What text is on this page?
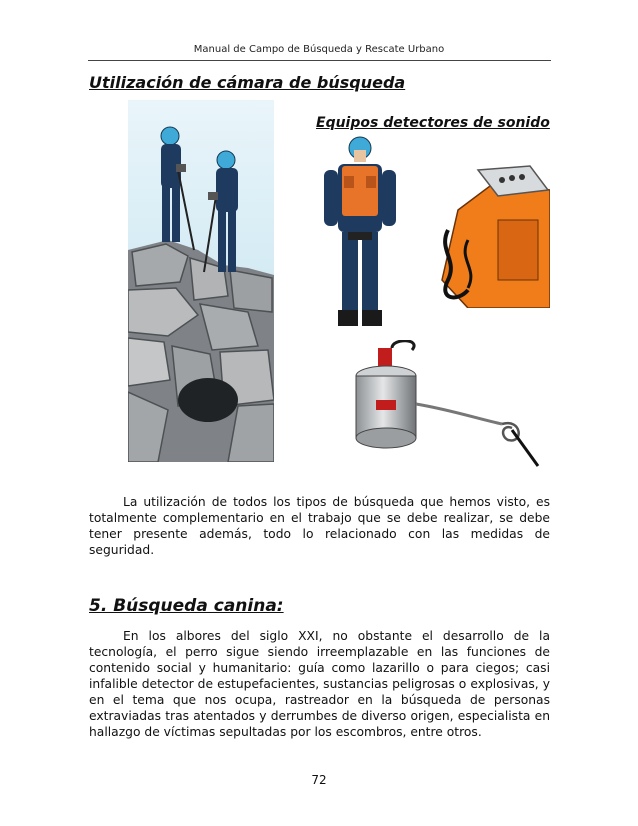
Manual de Campo de Búsqueda y Rescate Urbano
Utilización de cámara de búsqueda
Equipos detectores de sonido

La utilización de todos los tipos de búsqueda que hemos visto, es totalmente complementario en el trabajo que se debe realizar, se debe tener presente además, todo lo relacionado con las medidas de seguridad.

5. Búsqueda canina:

En los albores del siglo XXI, no obstante el desarrollo de la tecnología, el perro sigue siendo irreemplazable en las funciones de contenido social y humanitario: guía como lazarillo o para ciegos; casi infalible detector de estupefacientes, sustancias peligrosas o explosivas, y en el tema que nos ocupa, rastreador en la búsqueda de personas extraviadas tras atentados y derrumbes de diverso origen, especialista en hallazgo de víctimas sepultadas por los escombros, entre otros.

72
